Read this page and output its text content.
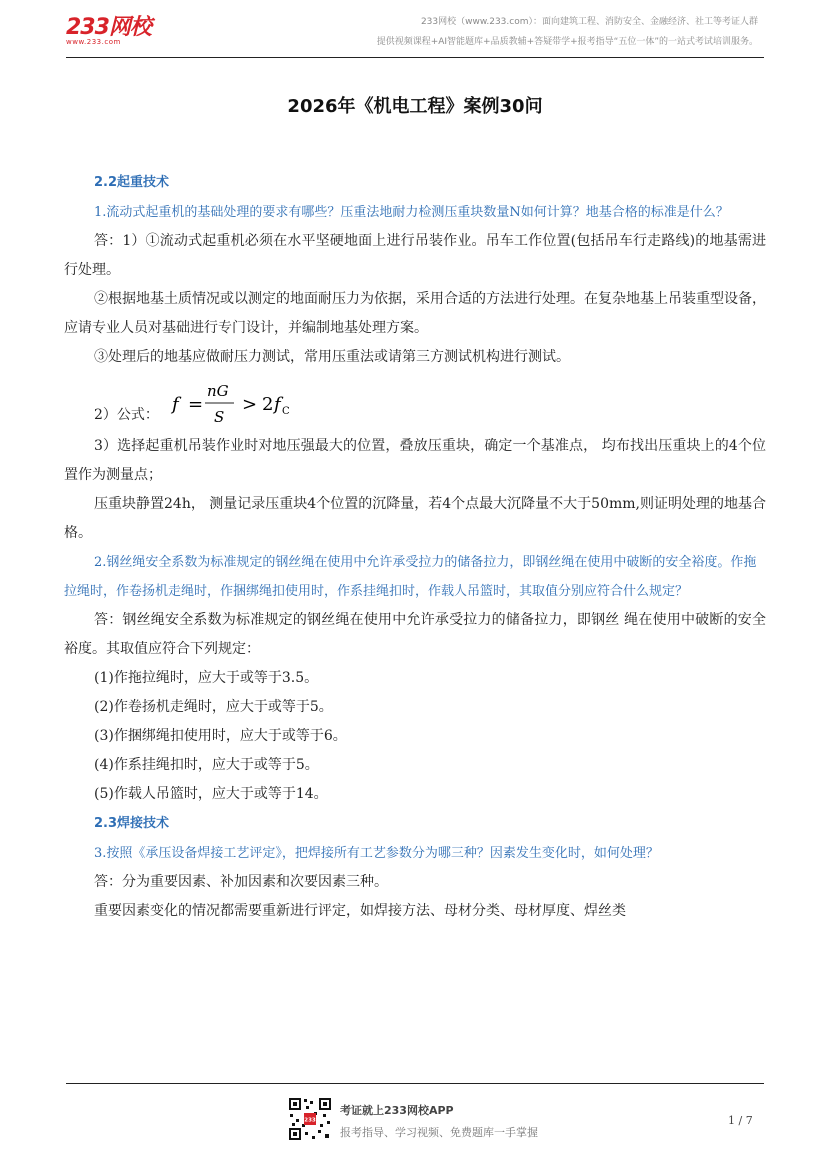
233网校
www.233.com
233网校（www.233.com）：面向建筑工程、消防安全、金融经济、社工等考证人群
提供视频课程+AI智能题库+品质教辅+答疑带学+报考指导“五位一体”的一站式考试培训服务。
2026年《机电工程》案例30问
2.2起重技术
1.流动式起重机的基础处理的要求有哪些？压重法地耐力检测压重块数量N如何计算？地基合格的标准是什么？
答：1）①流动式起重机必须在水平坚硬地面上进行吊装作业。吊车工作位置(包括吊车行走路线)的地基需进行处理。
②根据地基土质情况或以测定的地面耐压力为依据，采用合适的方法进行处理。在复杂地基上吊装重型设备，应请专业人员对基础进行专门设计，并编制地基处理方案。
③处理后的地基应做耐压力测试，常用压重法或请第三方测试机构进行测试。
2）公式： f =
nG
S
> 2 f C
3）选择起重机吊装作业时对地压强最大的位置，叠放压重块，确定一个基准点， 均布找出压重块上的4个位置作为测量点；
压重块静置24h， 测量记录压重块4个位置的沉降量，若4个点最大沉降量不大于50mm,则证明处理的地基合格。
2.钢丝绳安全系数为标准规定的钢丝绳在使用中允许承受拉力的储备拉力，即钢丝绳在使用中破断的安全裕度。作拖拉绳时，作卷扬机走绳时，作捆绑绳扣使用时，作系挂绳扣时，作载人吊篮时，其取值分别应符合什么规定？
答：钢丝绳安全系数为标准规定的钢丝绳在使用中允许承受拉力的储备拉力，即钢丝 绳在使用中破断的安全裕度。其取值应符合下列规定：
(1)作拖拉绳时，应大于或等于3.5。
(2)作卷扬机走绳时，应大于或等于5。
(3)作捆绑绳扣使用时，应大于或等于6。
(4)作系挂绳扣时，应大于或等于5。
(5)作载人吊篮时，应大于或等于14。
2.3焊接技术
3.按照《承压设备焊接工艺评定》，把焊接所有工艺参数分为哪三种？因素发生变化时，如何处理？
答：分为重要因素、补加因素和次要因素三种。
重要因素变化的情况都需要重新进行评定，如焊接方法、母材分类、母材厚度、焊丝类
233
考证就上233网校APP
报考指导、学习视频、免费题库一手掌握
1 / 7
